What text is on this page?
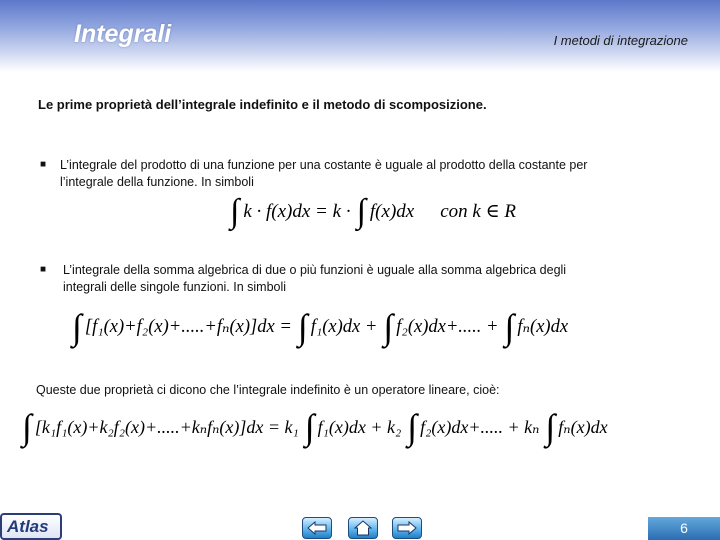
Integrali	I metodi di integrazione
Le prime proprietà dell’integrale indefinito e il metodo di scomposizione.
■
L’integrale del prodotto di una funzione per una costante è uguale al prodotto della costante per
l’integrale della funzione. In simboli
∫ k · f(x)dx = k · ∫ f(x)dx con k ∈ R
■
L’integrale della somma algebrica di due o più funzioni è uguale alla somma algebrica degli
integrali delle singole funzioni. In simboli
∫ [f₁(x)+f₂(x)+.....+fₙ(x)]dx = ∫ f₁(x)dx + ∫ f₂(x)dx+..... + ∫ fₙ(x)dx
Queste due proprietà ci dicono che l’integrale indefinito è un operatore lineare, cioè:
∫ [k₁f₁(x)+k₂f₂(x)+.....+kₙfₙ(x)]dx = k₁ ∫ f₁(x)dx + k₂ ∫ f₂(x)dx+..... + kₙ ∫ fₙ(x)dx
Atlas	6
